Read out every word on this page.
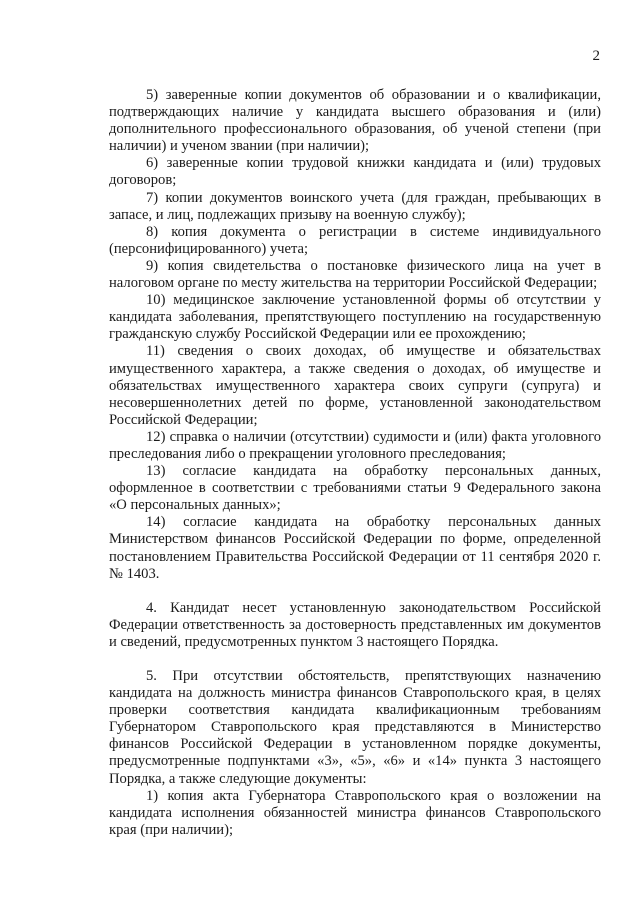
2

5) заверенные копии документов об образовании и о квалификации, подтверждающих наличие у кандидата высшего образования и (или) дополнительного профессионального образования, об ученой степени (при наличии) и ученом звании (при наличии);

6) заверенные копии трудовой книжки кандидата и (или) трудовых договоров;

7) копии документов воинского учета (для граждан, пребывающих в запасе, и лиц, подлежащих призыву на военную службу);

8) копия документа о регистрации в системе индивидуального (персонифицированного) учета;

9) копия свидетельства о постановке физического лица на учет в налоговом органе по месту жительства на территории Российской Федерации;

10) медицинское заключение установленной формы об отсутствии у кандидата заболевания, препятствующего поступлению на государственную гражданскую службу Российской Федерации или ее прохождению;

11) сведения о своих доходах, об имуществе и обязательствах имущественного характера, а также сведения о доходах, об имуществе и обязательствах имущественного характера своих супруги (супруга) и несовершеннолетних детей по форме, установленной законодательством Российской Федерации;

12) справка о наличии (отсутствии) судимости и (или) факта уголовного преследования либо о прекращении уголовного преследования;

13) согласие кандидата на обработку персональных данных, оформленное в соответствии с требованиями статьи 9 Федерального закона «О персональных данных»;

14) согласие кандидата на обработку персональных данных Министерством финансов Российской Федерации по форме, определенной постановлением Правительства Российской Федерации от 11 сентября 2020 г. № 1403.

4. Кандидат несет установленную законодательством Российской Федерации ответственность за достоверность представленных им документов и сведений, предусмотренных пунктом 3 настоящего Порядка.

5. При отсутствии обстоятельств, препятствующих назначению кандидата на должность министра финансов Ставропольского края, в целях проверки соответствия кандидата квалификационным требованиям Губернатором Ставропольского края представляются в Министерство финансов Российской Федерации в установленном порядке документы, предусмотренные подпунктами «3», «5», «6» и «14» пункта 3 настоящего Порядка, а также следующие документы:

1) копия акта Губернатора Ставропольского края о возложении на кандидата исполнения обязанностей министра финансов Ставропольского края (при наличии);
